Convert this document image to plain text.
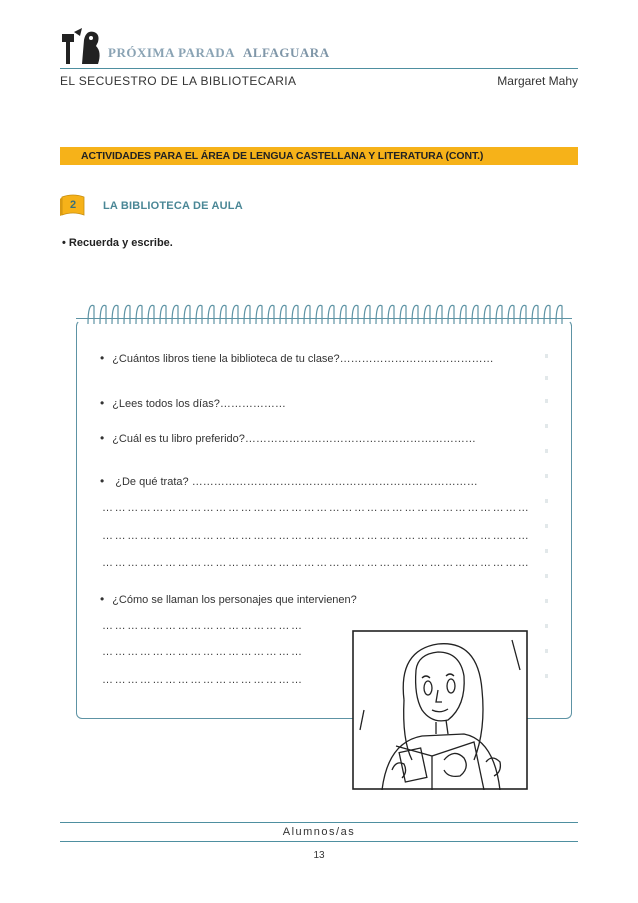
PRÓXIMA PARADA ALFAGUARA
EL SECUESTRO DE LA BIBLIOTECARIA	Margaret Mahy
ACTIVIDADES PARA EL ÁREA DE LENGUA CASTELLANA Y LITERATURA (CONT.)
2	LA BIBLIOTECA DE AULA
• Recuerda y escribe.
• ¿Cuántos libros tiene la biblioteca de tu clase?……………………………………
• ¿Lees todos los días?………………
• ¿Cuál es tu libro preferido?………………………………………………………
• ¿De qué trata? ……………………………………………………………………
…………………………………………………………………………………………
…………………………………………………………………………………………
…………………………………………………………………………………………
• ¿Cómo se llaman los personajes que intervienen?
…………………………………………
…………………………………………
…………………………………………
Alumnos/as
13
